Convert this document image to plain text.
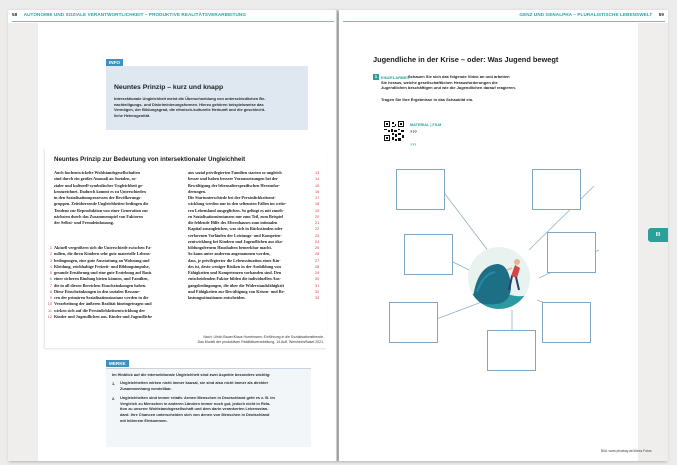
58 AUTONOMIE UND SOZIALE VERANTWORTLICHKEIT – PRODUKTIVE REALITÄTSVERARBEITUNG
INFO
Neuntes Prinzip – kurz und knapp
Intersektionale Ungleichheit meint die Überschneidung von unterschiedlichen Be-
nachteiligungs- und Diskriminierungsformen. Hierzu gehören beispielsweise das
Vermögen, der Bildungsgrad, die ethnisch-kulturelle Herkunft und die geschlecht-
liche Heterogenität.
Neuntes Prinzip zur Bedeutung von intersektionaler Ungleichheit

Auch hochentwickelte Wohlstandsgesellschaften

sind durch ein großes Ausmaß an Sozialen, so-

zialer und kulturell-symbolischer Ungleichheit ge-

kennzeichnet. Dadurch kommt es zu Unterschieden

in den Sozialisationsprozessen der Bevölkerungs-

gruppen. Zeitübersende Ungleichheiten bedingen die

Tendenz zur Reproduktion von einer Generation zur

nächsten durch das Zusammenspiel von Faktoren

der Selbst- und Fremdeinlassung.

1
2
3
4
5
6
7
8
9
10
11
12

Aktuell vergrößern sich die Unterschiede zwischen Fa-

milien, die ihren Kindern sehr gute materielle Lebens-

bedingungen, eine gute Ausstattung an Wohnung und

Kleidung, reichhaltige Freizeit- und Bildungsimpulse,

gesunde Ernährung und eine gute Erziehung auf Basis

einer sicheren Bindung bieten können, und Familien,

die in all diesen Bereichen Einschränkungen haben.

Diese Einschränkungen in den sozialen Ressour-

cen der primären Sozialisationsinstanz werden in die

Verarbeitung der äußeren Realität hineingetragen und

wirken sich auf die Persönlichkeitsentwicklung der

Kinder und Jugendlichen aus. Kinder und Jugendliche

aus sozial privilegierten Familien starten so ungleich

besser und haben bessere Voraussetzungen bei der

Bewältigung der lebensalterspezifischen Herausfor-

derungen.

Die Startunterschiede bei der Persönlichkeitsent-

wicklung werden nur in den seltensten Fällen im weite-

ren Lebensland ausgeglichen. So gelingt es mit zuneh-

en Sozialisationsinstanzen nur zum Teil, zum Beispiel

die fehlende Hilfe des Elternhauses zum intimalen

Kapital auszugleichen, was sich in Rückständen oder

verlorenen Vorläufen der Leistungs- und Kompeten-

zentwicklung bei Kindern und Jugendlichen aus öko-

bildungsfernem Haushalten bemerkbar macht.

So kann unter anderem angenommen werden,

dass, je privilegierter die Lebenssituation eines Kin-

des ist, desto weniger Risiken in der Ausbildung von

Fähigkeiten und Kompetenzen vorhanden sind. Den

entscheidenden Faktor bilden die individuellen Aus-

gangsbedingungen, die über die Widerstandsfähigkeit

und Fähigkeiten zur Bewältigung von Krisen- und Be-

lastungssituationen entscheiden.

13
14
15
16
17
18
19
20
21
22
23
24
25
26
27
28
29
30
31
32
33
Nach: Ulrich Bauer/Klaus Hurrelmann: Einführung in die Sozialisationstheorie.
Das Modell der produktiven Realitätsverarbeitung, 14.Aufl. Weinheim/Basel 2021.
MERKE
Im Hinblick auf die intersektionale Ungleichheit sind zwei Aspekte besonders wichtig:
1. Ungleichheiten wirken nicht immer kausal, sie sind also nicht immer als direkter
Zusammenhang vorstellbar.
2. Ungleichheiten sind immer relativ. Armen Menschen in Deutschland geht es z. B. im
Vergleich zu Menschen in anderen Ländern immer noch gut, jedoch nicht in Rela-
tion zu unserer Wohlstandsgesellschaft und dem darin verankerten Lebensstan-
dard. Ihre Chancen unterscheiden sich von denen von Menschen in Deutschland
mit höherem Einkommen.
GENZ UND GENALPHA – PLURALISTISCHE LEBENSWELT 59
Jugendliche in der Krise – oder: Was Jugend bewegt
1 EINZELARBEIT
Schauen Sie sich das folgende Video an und arbeiten
Sie heraus, welche gesellschaftlichen Herausforderungen die
Jugendlichen beschäftigen und wie die Jugendlichen darauf reagieren.
Tragen Sie Ihre Ergebnisse in das Schaubild ein.
MATERIAL | FILM
???
???
III
Bild: www.pixabay.de/Alexa Fotos
